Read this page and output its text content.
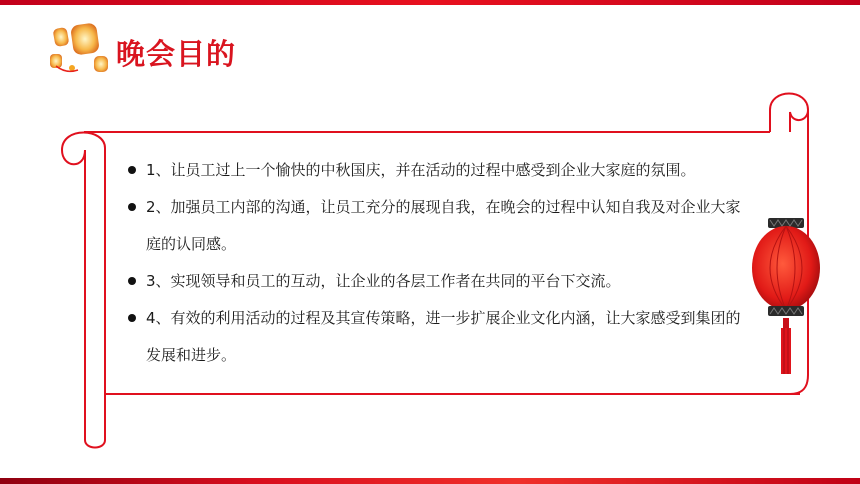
晚会目的
1、让员工过上一个愉快的中秋国庆，并在活动的过程中感受到企业大家庭的氛围。
2、加强员工内部的沟通，让员工充分的展现自我，在晚会的过程中认知自我及对企业大家庭的认同感。
3、实现领导和员工的互动，让企业的各层工作者在共同的平台下交流。
4、有效的利用活动的过程及其宣传策略，进一步扩展企业文化内涵，让大家感受到集团的发展和进步。
